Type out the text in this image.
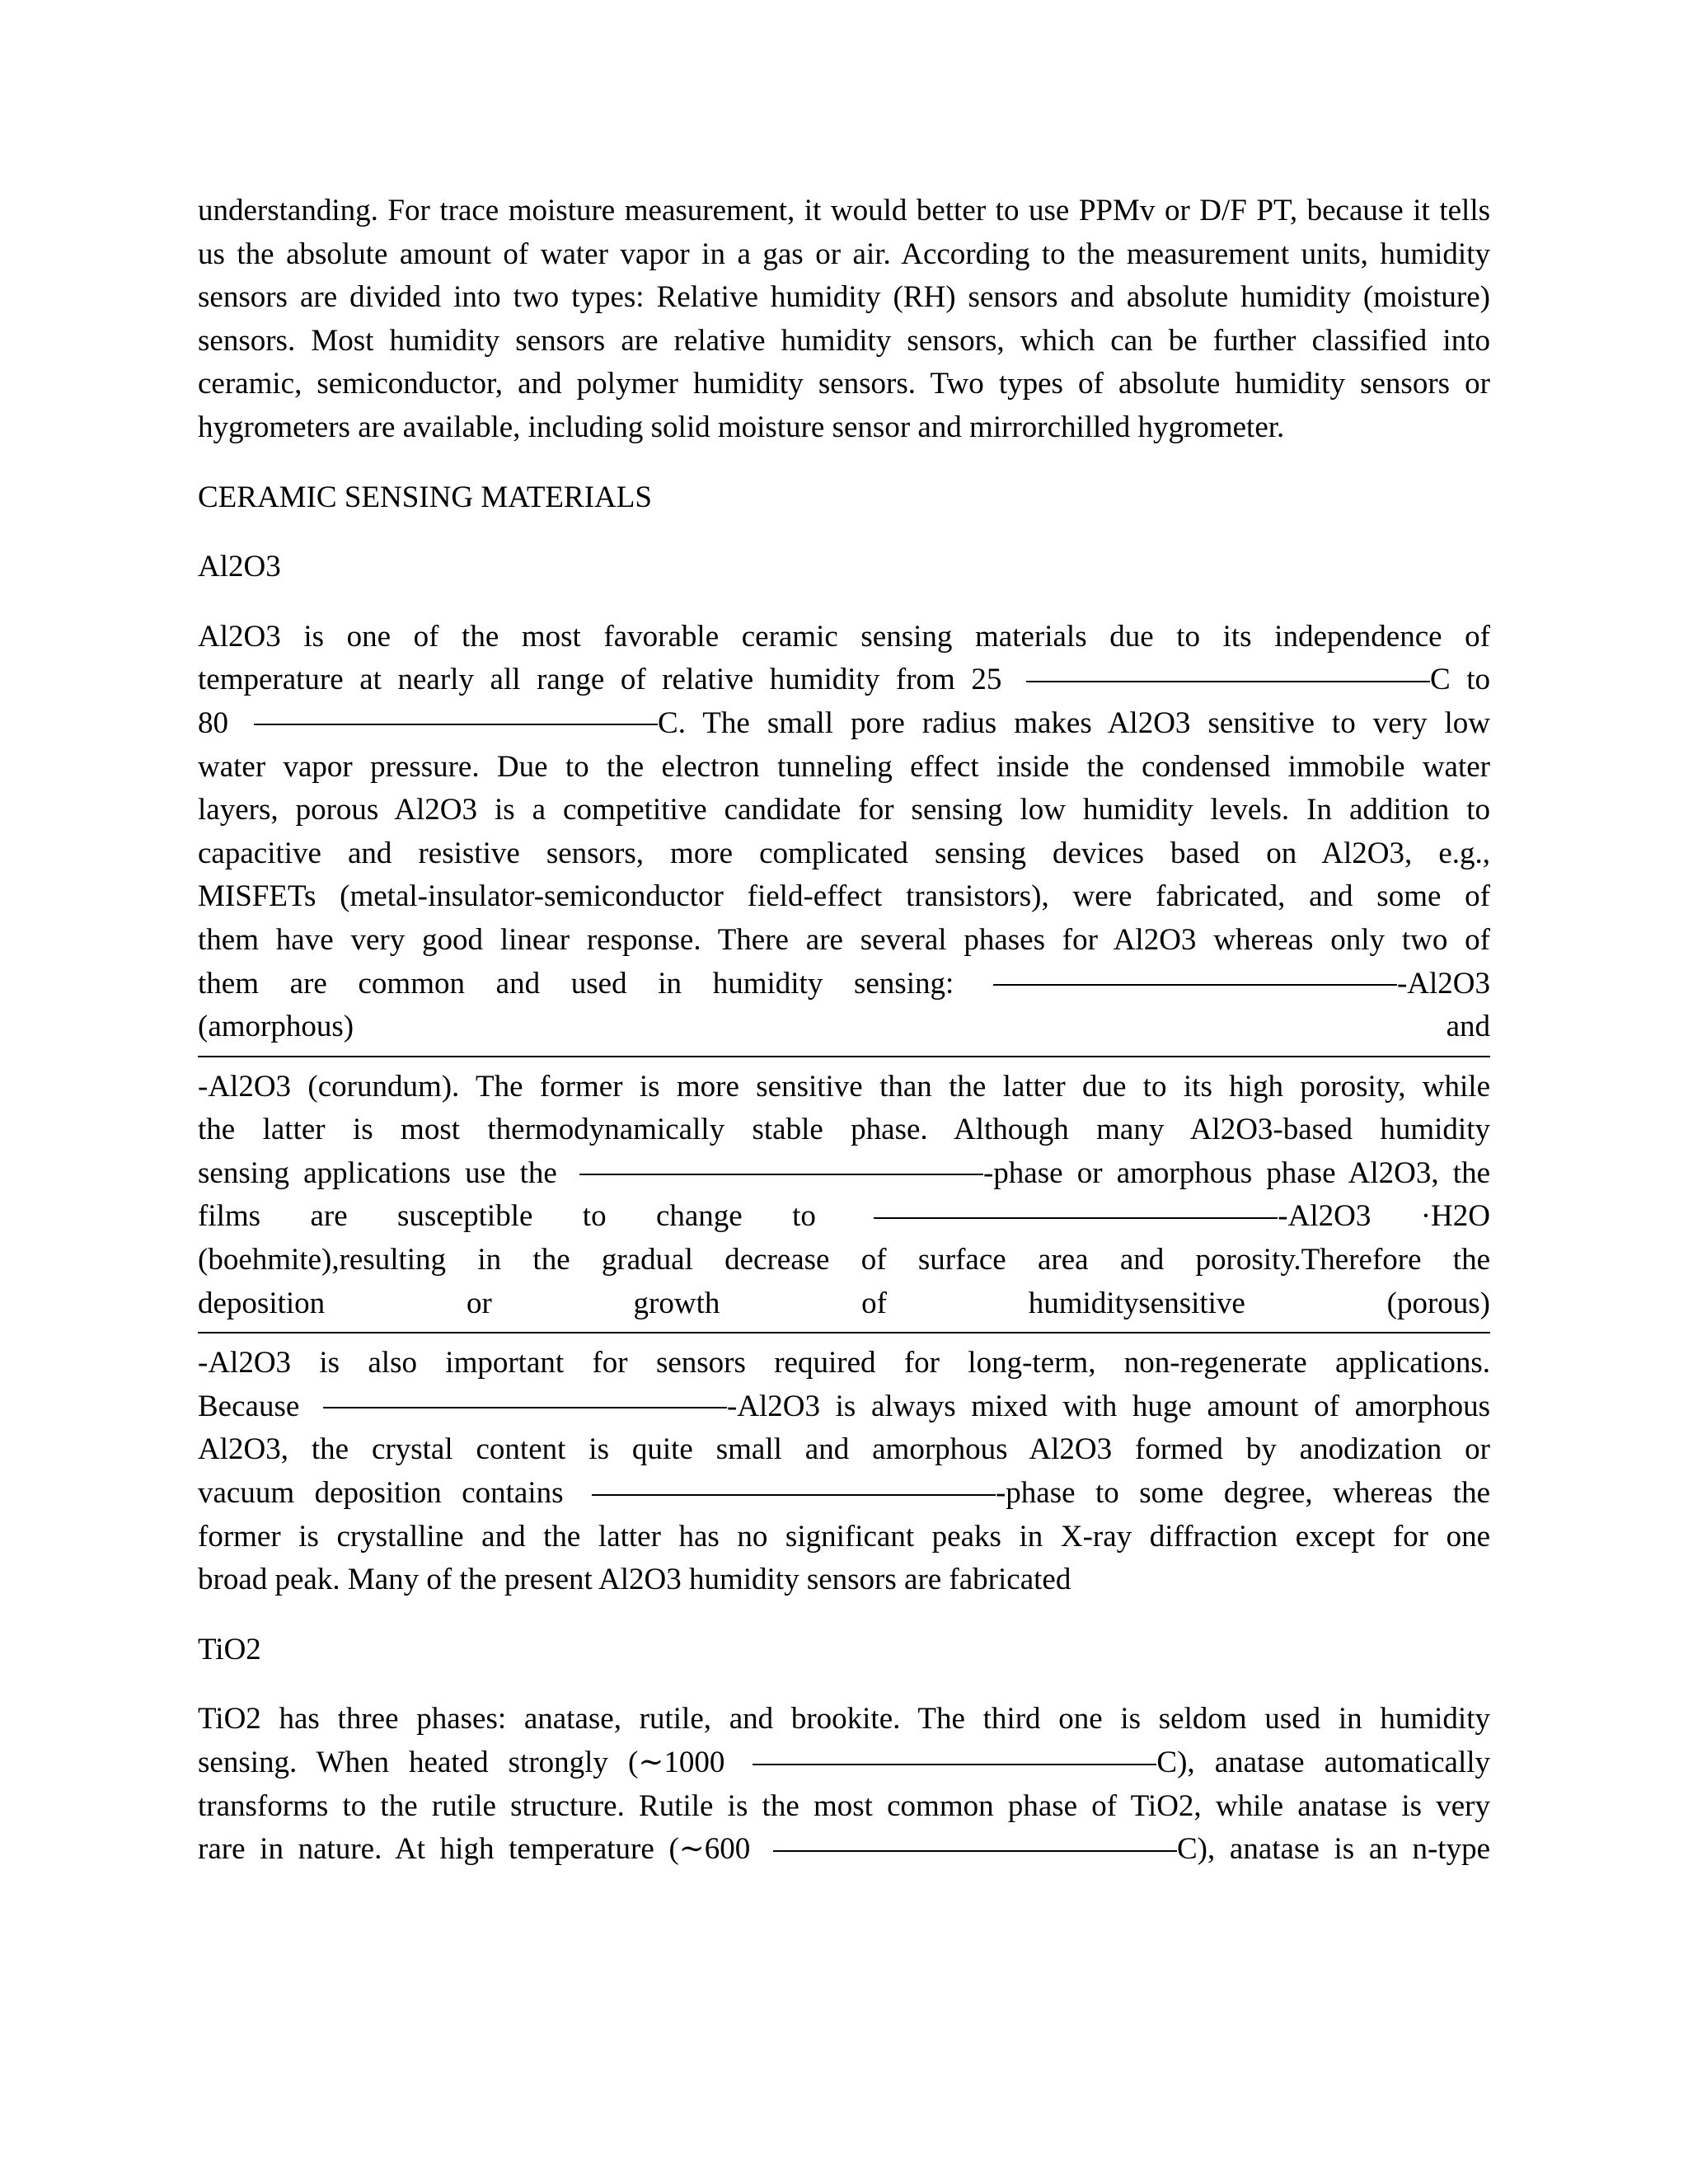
understanding. For trace moisture measurement, it would better to use PPMv or D/F PT, because it tells us the absolute amount of water vapor in a gas or air. According to the measurement units, humidity sensors are divided into two types: Relative humidity (RH) sensors and absolute humidity (moisture) sensors. Most humidity sensors are relative humidity sensors, which can be further classified into ceramic, semiconductor, and polymer humidity sensors. Two types of absolute humidity sensors or hygrometers are available, including solid moisture sensor and mirrorchilled hygrometer.

CERAMIC SENSING MATERIALS
Al2O3
Al2O3 is one of the most favorable ceramic sensing materials due to its independence of
temperature at nearly all range of relative humidity from 25	C to
80	C. The small pore radius makes Al2O3 sensitive to very low
water vapor pressure. Due to the electron tunneling effect inside the condensed immobile water
layers, porous Al2O3 is a competitive candidate for sensing low humidity levels. In addition to
capacitive and resistive sensors, more complicated sensing devices based on Al2O3, e.g.,
MISFETs (metal-insulator-semiconductor field-effect transistors), were fabricated, and some of
them have very good linear response. There are several phases for Al2O3 whereas only two of
them are common and used in humidity sensing:	-Al2O3
(amorphous)	and
-Al2O3 (corundum). The former is more sensitive than the latter due to its high porosity, while
the latter is most thermodynamically stable phase. Although many Al2O3-based humidity
sensing applications use the	-phase or amorphous phase Al2O3, the
films are susceptible to change to	-Al2O3 ·H2O
(boehmite),resulting in the gradual decrease of surface area and porosity.Therefore the
deposition or growth of humiditysensitive (porous)
-Al2O3 is also important for sensors required for long-term, non-regenerate applications.
Because	-Al2O3 is always mixed with huge amount of amorphous
Al2O3, the crystal content is quite small and amorphous Al2O3 formed by anodization or
vacuum deposition contains	-phase to some degree, whereas the
former is crystalline and the latter has no significant peaks in X-ray diffraction except for one
broad peak. Many of the present Al2O3 humidity sensors are fabricated
TiO2
TiO2 has three phases: anatase, rutile, and brookite. The third one is seldom used in humidity
sensing. When heated strongly (∼1000	C), anatase automatically
transforms to the rutile structure. Rutile is the most common phase of TiO2, while anatase is very
rare in nature. At high temperature (∼600	C), anatase is an n-type
